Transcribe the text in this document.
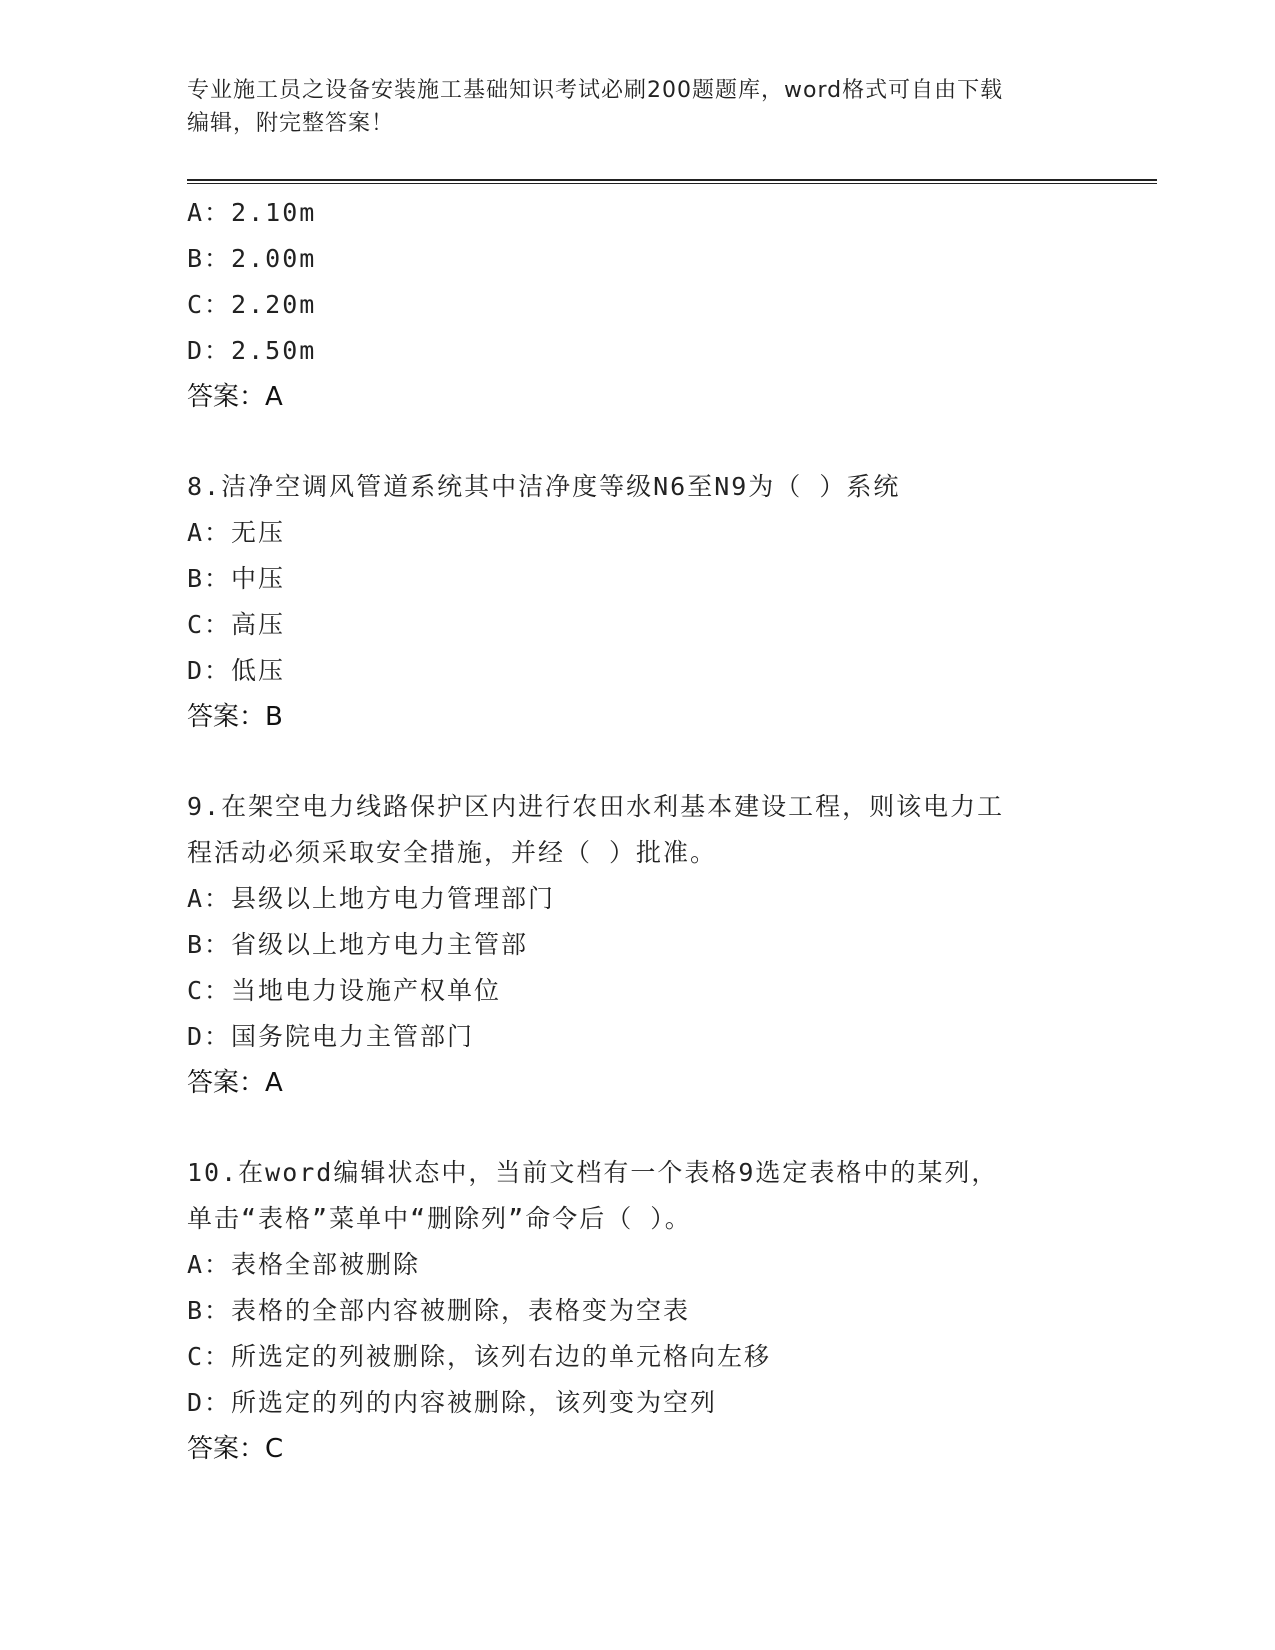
专业施工员之设备安装施工基础知识考试必刷200题题库，word格式可自由下载
编辑，附完整答案！
A：2.10m
B：2.00m
C：2.20m
D：2.50m
答案：A
8.洁净空调风管道系统其中洁净度等级N6至N9为（ ）系统
A：无压
B：中压
C：高压
D：低压
答案：B
9.在架空电力线路保护区内进行农田水利基本建设工程，则该电力工
程活动必须采取安全措施，并经（ ）批准。
A：县级以上地方电力管理部门
B：省级以上地方电力主管部
C：当地电力设施产权单位
D：国务院电力主管部门
答案：A
10.在word编辑状态中，当前文档有一个表格9选定表格中的某列，
单击“表格”菜单中“删除列”命令后（ ）。
A：表格全部被删除
B：表格的全部内容被删除，表格变为空表
C：所选定的列被删除，该列右边的单元格向左移
D：所选定的列的内容被删除，该列变为空列
答案：C
